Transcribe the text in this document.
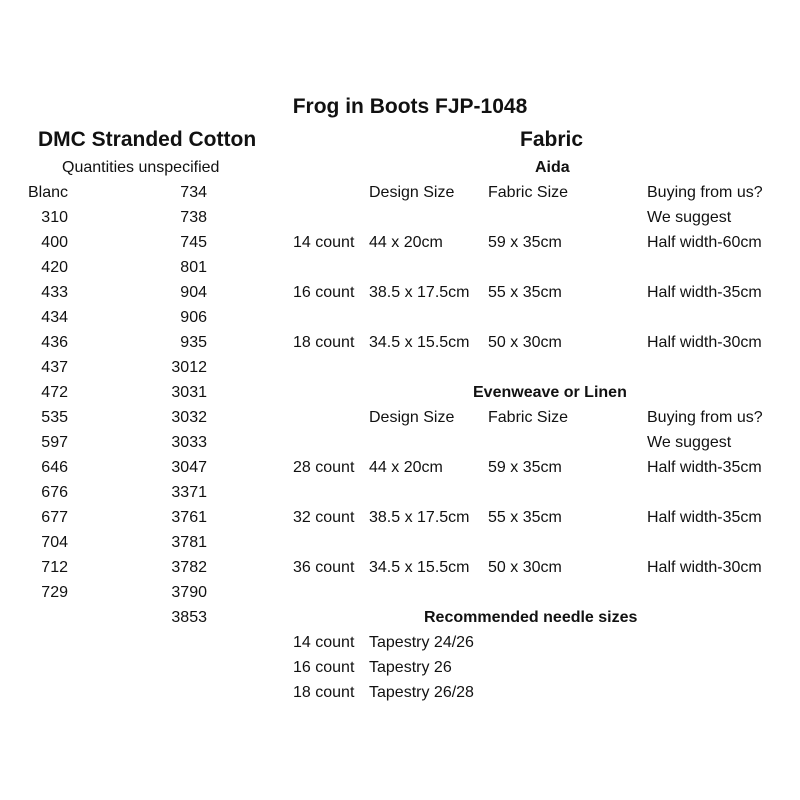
Frog in Boots FJP-1048
DMC Stranded Cotton
Quantities unspecified
Blanc	734
310	738
400	745
420	801
433	904
434	906
436	935
437	3012
472	3031
535	3032
597	3033
646	3047
676	3371
677	3761
704	3781
712	3782
729	3790
3853
Fabric
Aida
Design Size Fabric Size	Buying from us?
We suggest
14 count 44 x 20cm	59 x 35cm	Half width-60cm
16 count 38.5 x 17.5cm 55 x 35cm	Half width-35cm
18 count 34.5 x 15.5cm 50 x 30cm	Half width-30cm
Evenweave or Linen
Design Size Fabric Size	Buying from us?
We suggest
28 count 44 x 20cm	59 x 35cm	Half width-35cm
32 count 38.5 x 17.5cm 55 x 35cm	Half width-35cm
36 count 34.5 x 15.5cm 50 x 30cm	Half width-30cm
Recommended needle sizes
14 count Tapestry 24/26
16 count Tapestry 26
18 count Tapestry 26/28
